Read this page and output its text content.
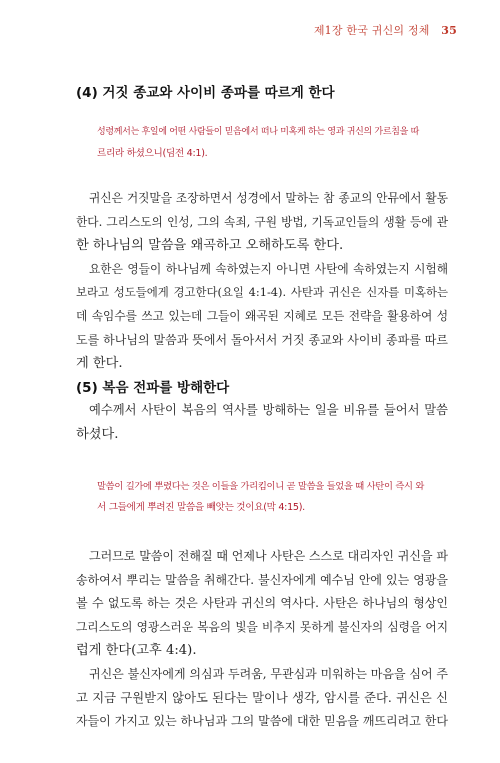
제1장 한국 귀신의 정체 35
(4) 거짓 종교와 사이비 종파를 따르게 한다
성령께서는 후일에 어떤 사람들이 믿음에서 떠나 미혹케 하는 영과 귀신의 가르침을 따
르리라 하셨으니(딤전 4:1).
귀신은 거짓말을 조장하면서 성경에서 말하는 참 종교의 안뮤에서 활동
한다. 그리스도의 인성, 그의 속죄, 구원 방법, 기독교인들의 생활 등에 관
한 하나님의 말씀을 왜곡하고 오해하도록 한다.
요한은 영들이 하나님께 속하였는지 아니면 사탄에 속하였는지 시험해
보라고 성도들에게 경고한다(요일 4:1-4). 사탄과 귀신은 신자를 미혹하는
데 속임수를 쓰고 있는데 그들이 왜곡된 지혜로 모든 전략을 활용하여 성
도를 하나님의 말씀과 뜻에서 돌아서서 거짓 종교와 사이비 종파를 따르
게 한다.
(5) 복음 전파를 방해한다
예수께서 사탄이 복음의 역사를 방해하는 일을 비유를 들어서 말씀
하셨다.
말씀이 길가에 뿌렸다는 것은 이들을 가리킴이니 곧 말씀을 들었을 때 사탄이 즉시 와
서 그들에게 뿌려진 말씀을 빼앗는 것이요(막 4:15).
그러므로 말씀이 전해질 때 언제나 사탄은 스스로 대리자인 귀신을 파
송하여서 뿌리는 말씀을 취해간다. 불신자에게 예수님 안에 있는 영광을
볼 수 없도록 하는 것은 사탄과 귀신의 역사다. 사탄은 하나님의 형상인
그리스도의 영광스러운 복음의 빛을 비추지 못하게 불신자의 심령을 어지
럽게 한다(고후 4:4).
귀신은 불신자에게 의심과 두려움, 무관심과 미워하는 마음을 심어 주
고 지금 구원받지 않아도 된다는 말이나 생각, 암시를 준다. 귀신은 신
자들이 가지고 있는 하나님과 그의 말씀에 대한 믿음을 깨뜨리려고 한다
